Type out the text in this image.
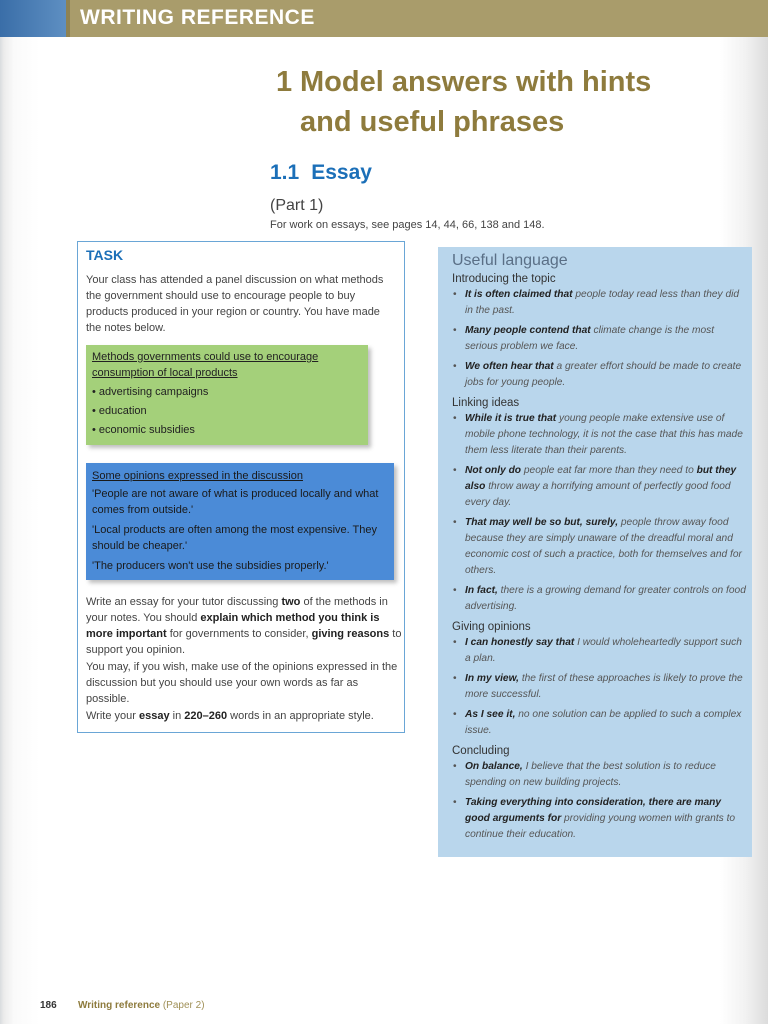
WRITING REFERENCE
1 Model answers with hints
and useful phrases
1.1 Essay
(Part 1)
For work on essays, see pages 14, 44, 66, 138 and 148.
TASK
Your class has attended a panel discussion on what methods the government should use to encourage people to buy products produced in your region or country. You have made the notes below.
Methods governments could use to encourage consumption of local products
• advertising campaigns
• education
• economic subsidies
Some opinions expressed in the discussion

'People are not aware of what is produced locally and what comes from outside.'

'Local products are often among the most expensive. They should be cheaper.'

'The producers won't use the subsidies properly.'

Write an essay for your tutor discussing two of the methods in your notes. You should explain which method you think is more important for governments to consider, giving reasons to support you opinion.

You may, if you wish, make use of the opinions expressed in the discussion but you should use your own words as far as possible.

Write your essay in 220–260 words in an appropriate style.

Useful language
Introducing the topic
• It is often claimed that people today read less than they did in the past.
• Many people contend that climate change is the most serious problem we face.
• We often hear that a greater effort should be made to create jobs for young people.
Linking ideas
• While it is true that young people make extensive use of mobile phone technology, it is not the case that this has made them less literate than their parents.
• Not only do people eat far more than they need to but they also throw away a horrifying amount of perfectly good food every day.
• That may well be so but, surely, people throw away food because they are simply unaware of the dreadful moral and economic cost of such a practice, both for themselves and for others.
• In fact, there is a growing demand for greater controls on food advertising.
Giving opinions
• I can honestly say that I would wholeheartedly support such a plan.
• In my view, the first of these approaches is likely to prove the more successful.
• As I see it, no one solution can be applied to such a complex issue.
Concluding
• On balance, I believe that the best solution is to reduce spending on new building projects.
• Taking everything into consideration, there are many good arguments for providing young women with grants to continue their education.
186 Writing reference (Paper 2)
